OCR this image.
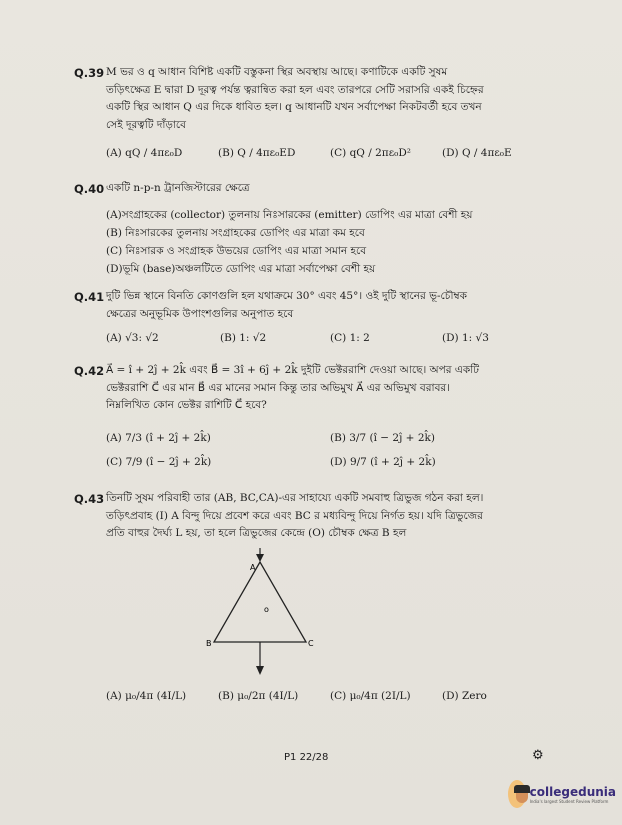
Q.39 M ভর ও q আধান বিশিষ্ট একটি বস্তুকনা স্থির অবস্থায় আছে। কণাটিকে একটি সুষম
তড়িৎক্ষেত্র E দ্বারা D দূরত্ব পর্যন্ত ত্বরান্বিত করা হল এবং তারপরে সেটি সরাসরি একই চিহ্নের
একটি স্থির আধান Q এর দিকে ধাবিত হল। q আধানটি যখন সর্বাপেক্ষা নিকটবর্তী হবে তখন
সেই দূরত্বটি দাঁড়াবে
(A) qQ / 4πε₀D	(B) Q / 4πε₀ED	(C) qQ / 2πε₀D²	(D) Q / 4πε₀E
Q.40 একটি n-p-n ট্রানজিস্টারের ক্ষেত্রে
(A)সংগ্রাহকের (collector) তুলনায় নিঃসারকের (emitter) ডোপিং এর মাত্রা বেশী হয়
(B) নিঃসারকের তুলনায় সংগ্রাহকের ডোপিং এর মাত্রা কম হবে
(C) নিঃসারক ও সংগ্রাহক উভয়ের ডোপিং এর মাত্রা সমান হবে
(D)ভূমি (base)অঞ্চলটিতে ডোপিং এর মাত্রা সর্বাপেক্ষা বেশী হয়
Q.41 দুটি ভিন্ন স্থানে বিনতি কোণগুলি হল যথাক্রমে 30° এবং 45°। ওই দুটি স্থানের ভূ-চৌম্বক
ক্ষেত্রের অনুভূমিক উপাংশগুলির অনুপাত হবে
(A) √3: √2	(B) 1: √2	(C) 1: 2	(D) 1: √3
Q.42 A⃗ = î + 2ĵ + 2k̂ এবং B⃗ = 3î + 6ĵ + 2k̂ দুইটি ভেক্টররাশি দেওয়া আছে। অপর একটি
ভেক্টররাশি C⃗ এর মান B⃗ এর মানের সমান কিন্তু তার অভিমুখ A⃗ এর অভিমুখ বরাবর।
নিম্নলিখিত কোন ভেক্টর রাশিটি C⃗ হবে?
(A) 7/3 (î + 2ĵ + 2k̂)	(B) 3/7 (î − 2ĵ + 2k̂)
(C) 7/9 (î − 2ĵ + 2k̂)	(D) 9/7 (î + 2ĵ + 2k̂)
Q.43 তিনটি সুষম পরিবাহী তার (AB, BC,CA)-এর সাহায্যে একটি সমবাহু ত্রিভুজ গঠন করা হল।
তড়িৎপ্রবাহ (I) A বিন্দু দিয়ে প্রবেশ করে এবং BC র মধ্যবিন্দু দিয়ে নির্গত হয়। যদি ত্রিভুজের
প্রতি বাহুর দৈর্ঘ্য L হয়, তা হলে ত্রিভুজের কেন্দ্রে (O) চৌম্বক ক্ষেত্র B হল
A
B	C
o
(A) μ₀/4π (4I/L)	(B) μ₀/2π (4I/L)	(C) μ₀/4π (2I/L)	(D) Zero
P1 22/28	⚙
collegedunia
India's largest Student Review Platform
